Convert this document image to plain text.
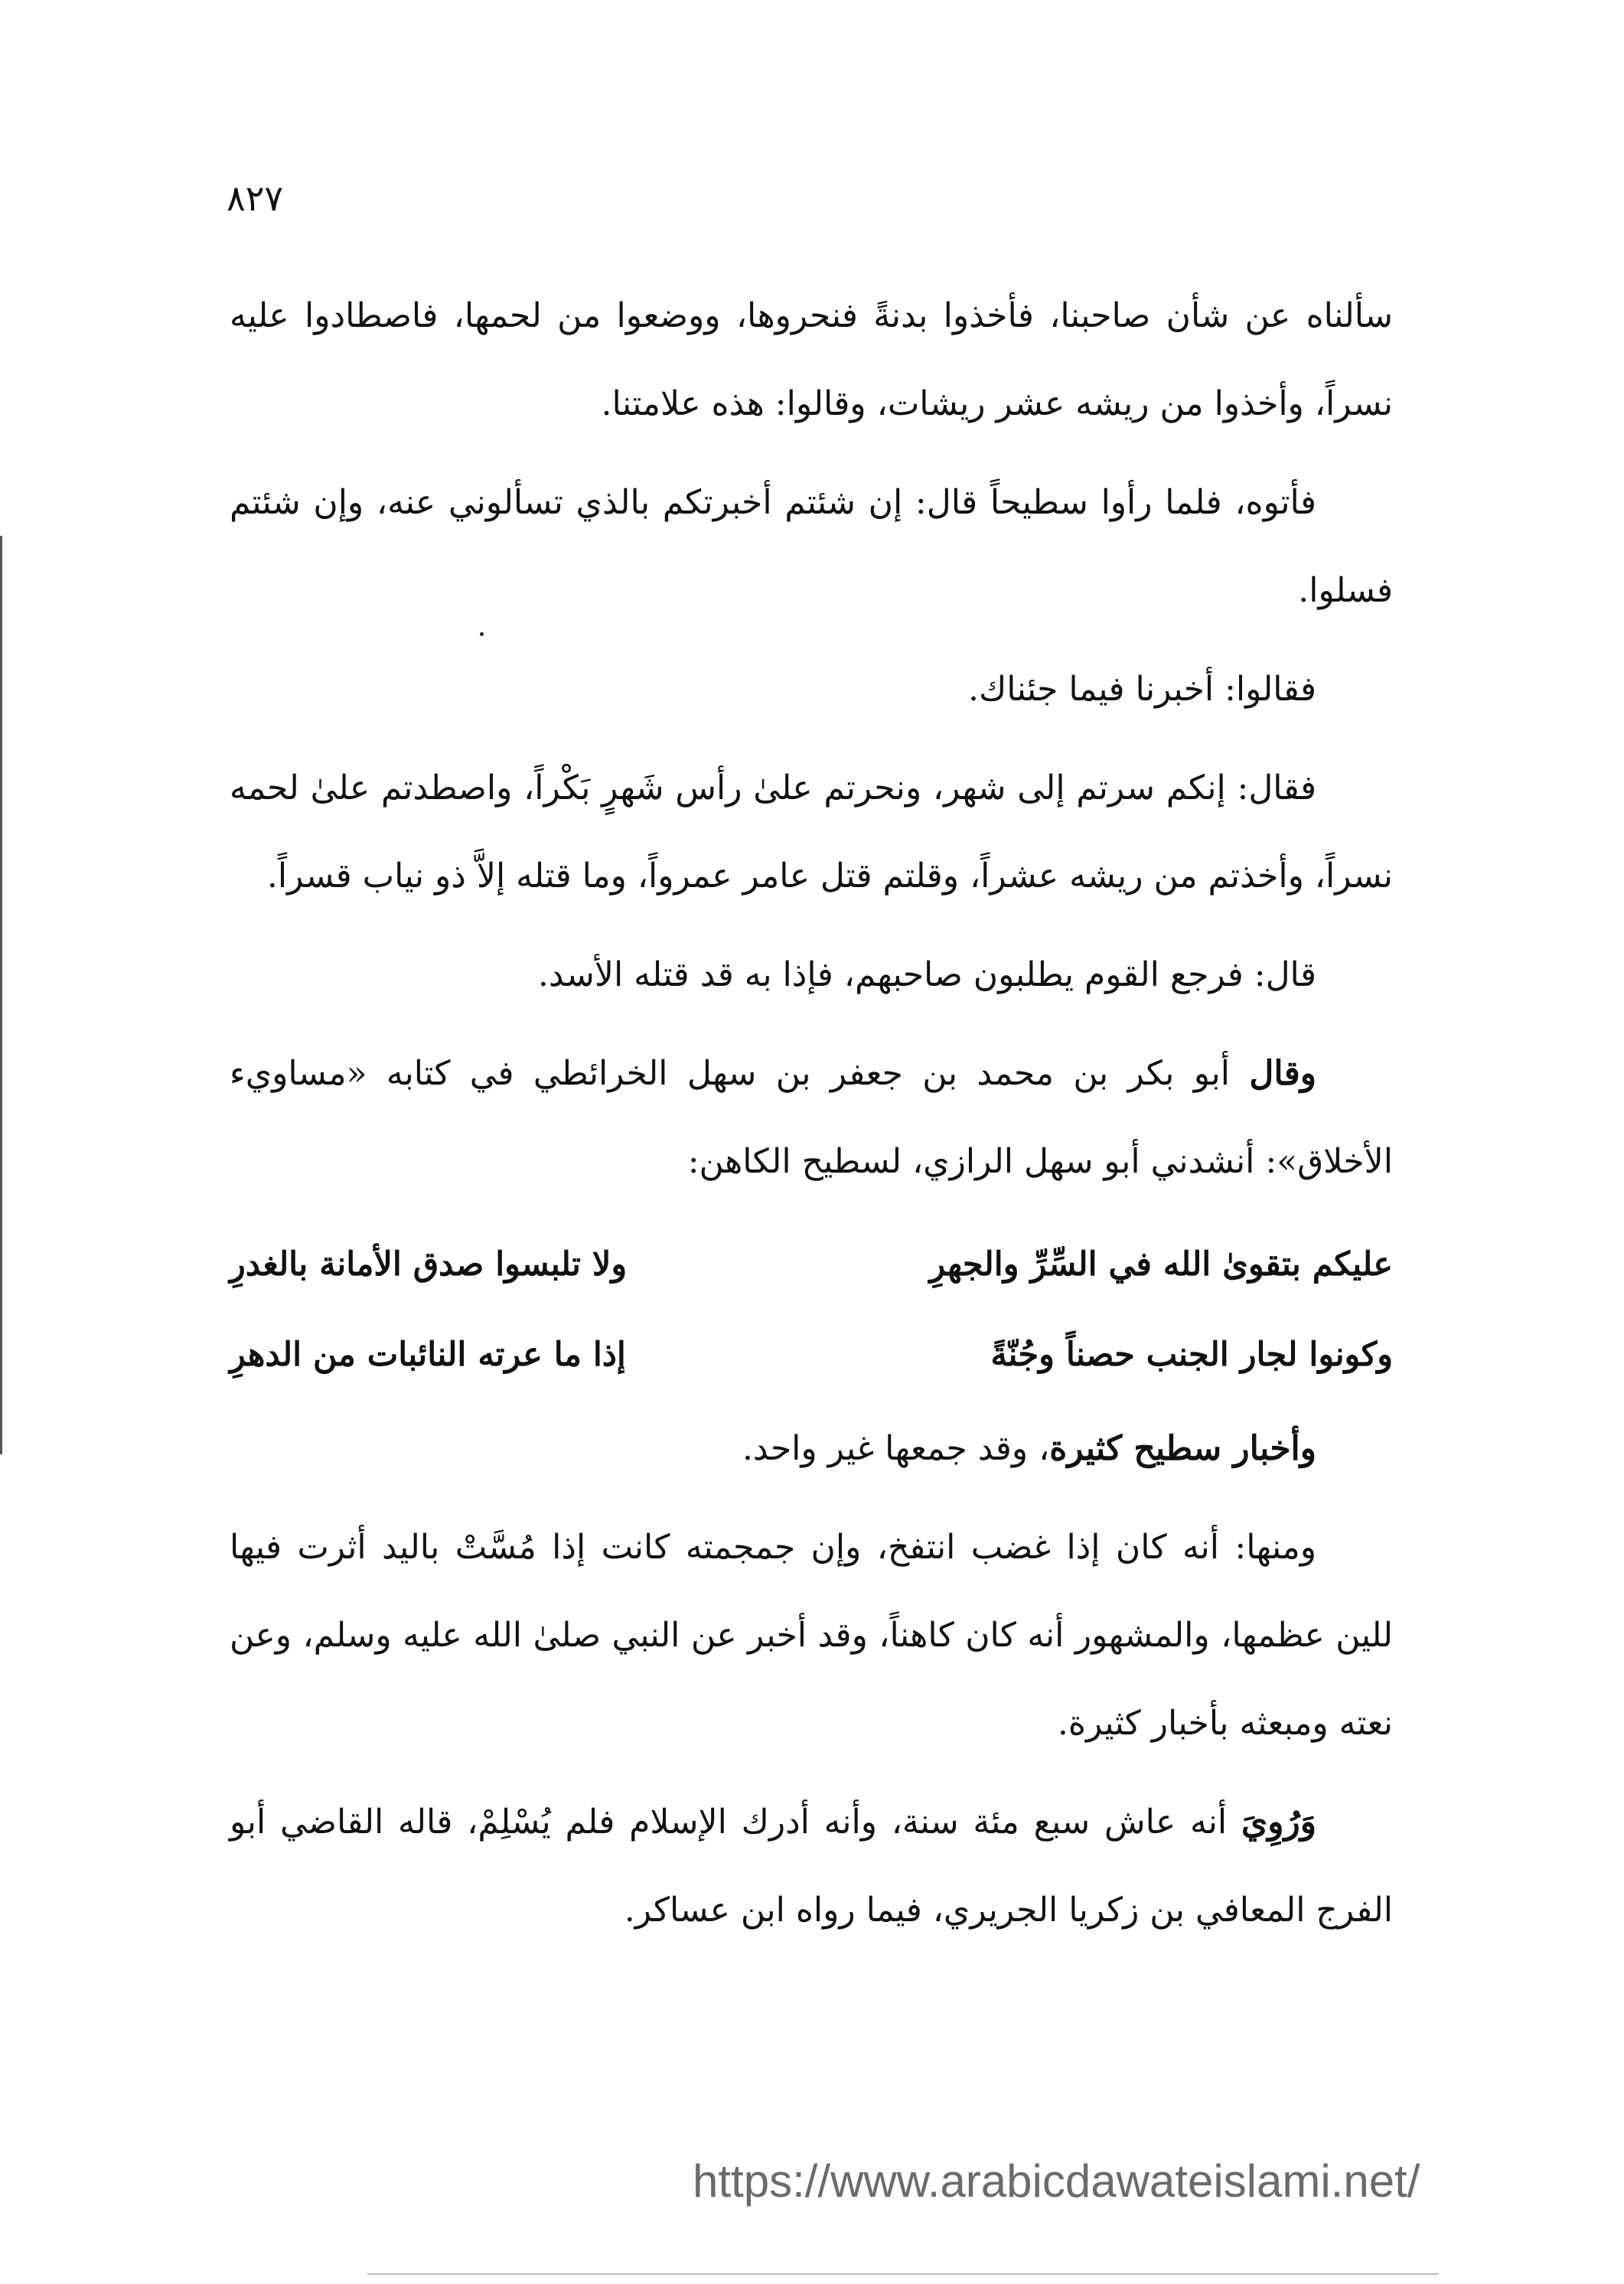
٨٢٧

سألناه عن شأن صاحبنا، فأخذوا بدنةً فنحروها، ووضعوا من لحمها، فاصطادوا عليه نسراً، وأخذوا من ريشه عشر ريشات، وقالوا: هذه علامتنا.

فأتوه، فلما رأوا سطيحاً قال: إن شئتم أخبرتكم بالذي تسألوني عنه، وإن شئتم فسلوا.

فقالوا: أخبرنا فيما جئناك.

فقال: إنكم سرتم إلى شهر، ونحرتم علىٰ رأس شَهرٍ بَكْراً، واصطدتم علىٰ لحمه نسراً، وأخذتم من ريشه عشراً، وقلتم قتل عامر عمرواً، وما قتله إلاَّ ذو نياب قسراً.

قال: فرجع القوم يطلبون صاحبهم، فإذا به قد قتله الأسد.

وقال أبو بكر بن محمد بن جعفر بن سهل الخرائطي في كتابه «مساويء الأخلاق»: أنشدني أبو سهل الرازي، لسطيح الكاهن:

عليكم بتقوىٰ الله في السِّرِّ والجهرِ
ولا تلبسوا صدق الأمانة بالغدرِ
وكونوا لجار الجنب حصناً وجُنّةً
إذا ما عرته النائبات من الدهرِ

وأخبار سطيح كثيرة، وقد جمعها غير واحد.

ومنها: أنه كان إذا غضب انتفخ، وإن جمجمته كانت إذا مُسَّتْ باليد أثرت فيها للين عظمها، والمشهور أنه كان كاهناً، وقد أخبر عن النبي صلىٰ الله عليه وسلم، وعن نعته ومبعثه بأخبار كثيرة.

وَرُوِيَ أنه عاش سبع مئة سنة، وأنه أدرك الإسلام فلم يُسْلِمْ، قاله القاضي أبو الفرج المعافي بن زكريا الجريري، فيما رواه ابن عساكر.

https://www.arabicdawateislami.net/
